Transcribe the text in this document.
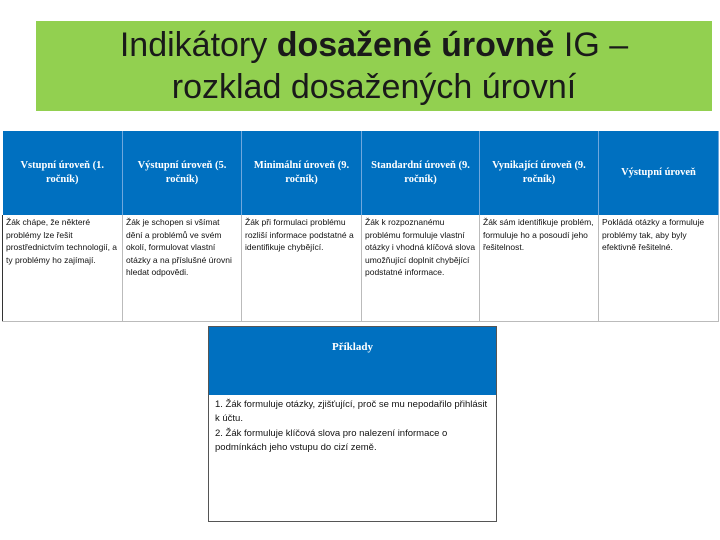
Indikátory dosažené úrovně IG –
rozklad dosažených úrovní
Vstupní úroveň (1. ročník)	Výstupní úroveň (5. ročník)	Minimální úroveň (9. ročník)	Standardní úroveň (9. ročník)	Vynikající úroveň (9. ročník)	Výstupní úroveň
Žák chápe, že některé problémy lze řešit prostřednictvím technologií, a ty problémy ho zajímají.	Žák je schopen si všímat dění a problémů ve svém okolí, formulovat vlastní otázky a na příslušné úrovni hledat odpovědi.	Žák při formulaci problému rozliší informace podstatné a identifikuje chybějící.	Žák k rozpoznanému problému formuluje vlastní otázky i vhodná klíčová slova umožňující doplnit chybějící podstatné informace.	Žák sám identifikuje problém, formuluje ho a posoudí jeho řešitelnost.	Pokládá otázky a formuluje problémy tak, aby byly efektivně řešitelné.
Příklady

1. Žák formuluje otázky, zjišťující, proč se mu nepodařilo přihlásit k účtu.

2. Žák formuluje klíčová slova pro nalezení informace o podmínkách jeho vstupu do cizí země.
